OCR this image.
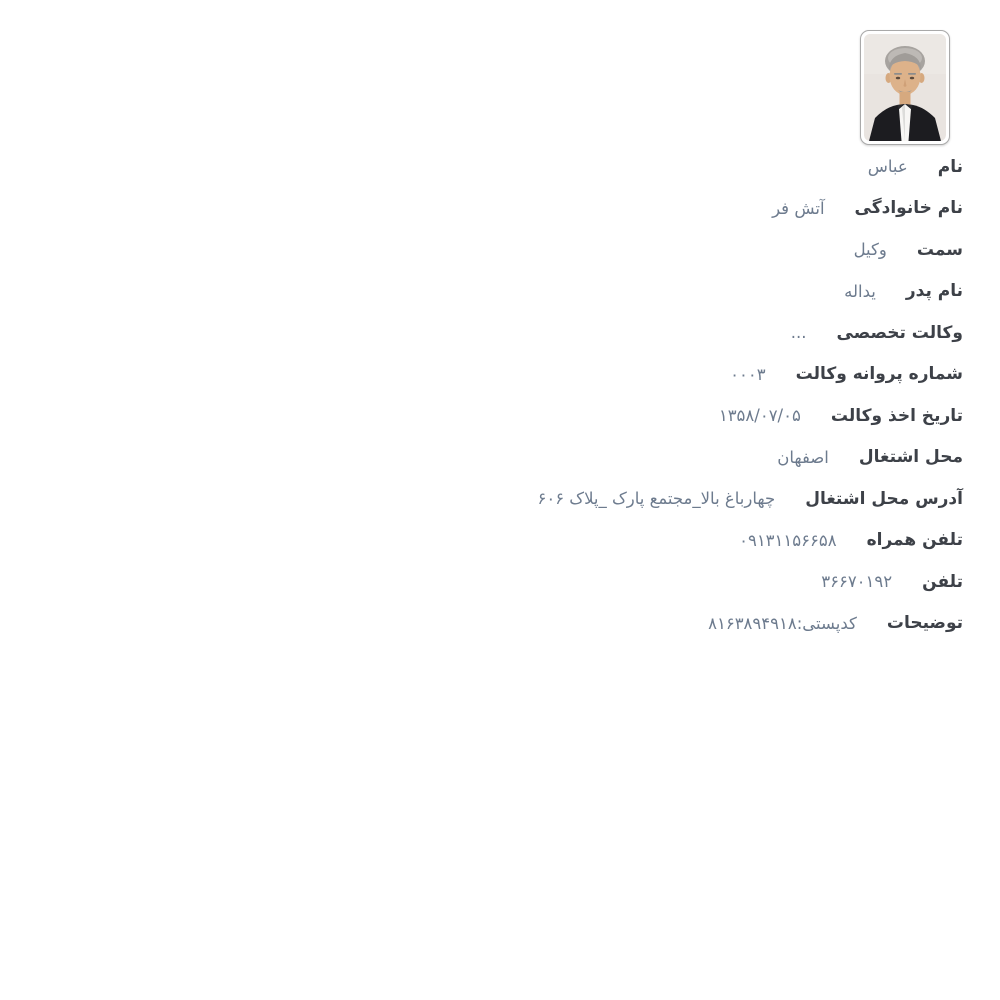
نام
عباس
نام خانوادگی
آتش فر
سمت
وکیل
نام پدر
یداله
وکالت تخصصی
...
شماره پروانه وکالت
۰۰۰۳
تاریخ اخذ وکالت
۱۳۵۸/۰۷/۰۵
محل اشتغال
اصفهان
آدرس محل اشتغال
چهارباغ بالا_مجتمع پارک _پلاک ۶۰۶
تلفن همراه
۰۹۱۳۱۱۵۶۶۵۸
تلفن
۳۶۶۷۰۱۹۲
توضیحات
کدپستی:۸۱۶۳۸۹۴۹۱۸
